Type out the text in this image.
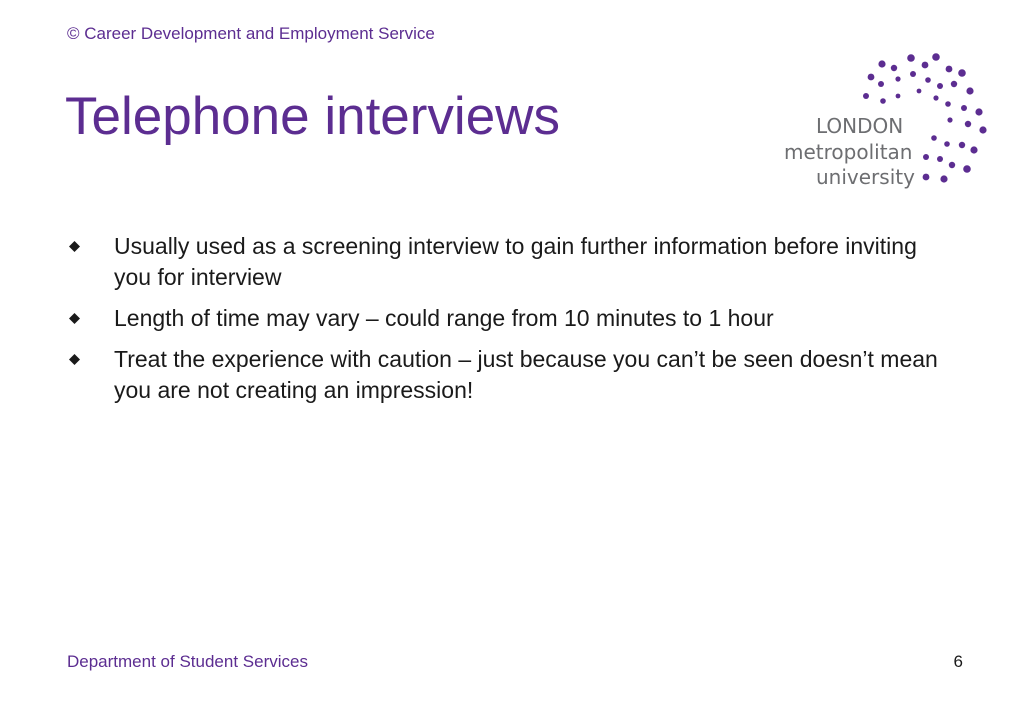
© Career Development and Employment Service
Telephone interviews	LONDON
metropolitan
university
Usually used as a screening interview to gain further information before inviting you for interview
Length of time may vary – could range from 10 minutes to 1 hour
Treat the experience with caution – just because you can’t be seen doesn’t mean you are not creating an impression!
Department of Student Services	6
